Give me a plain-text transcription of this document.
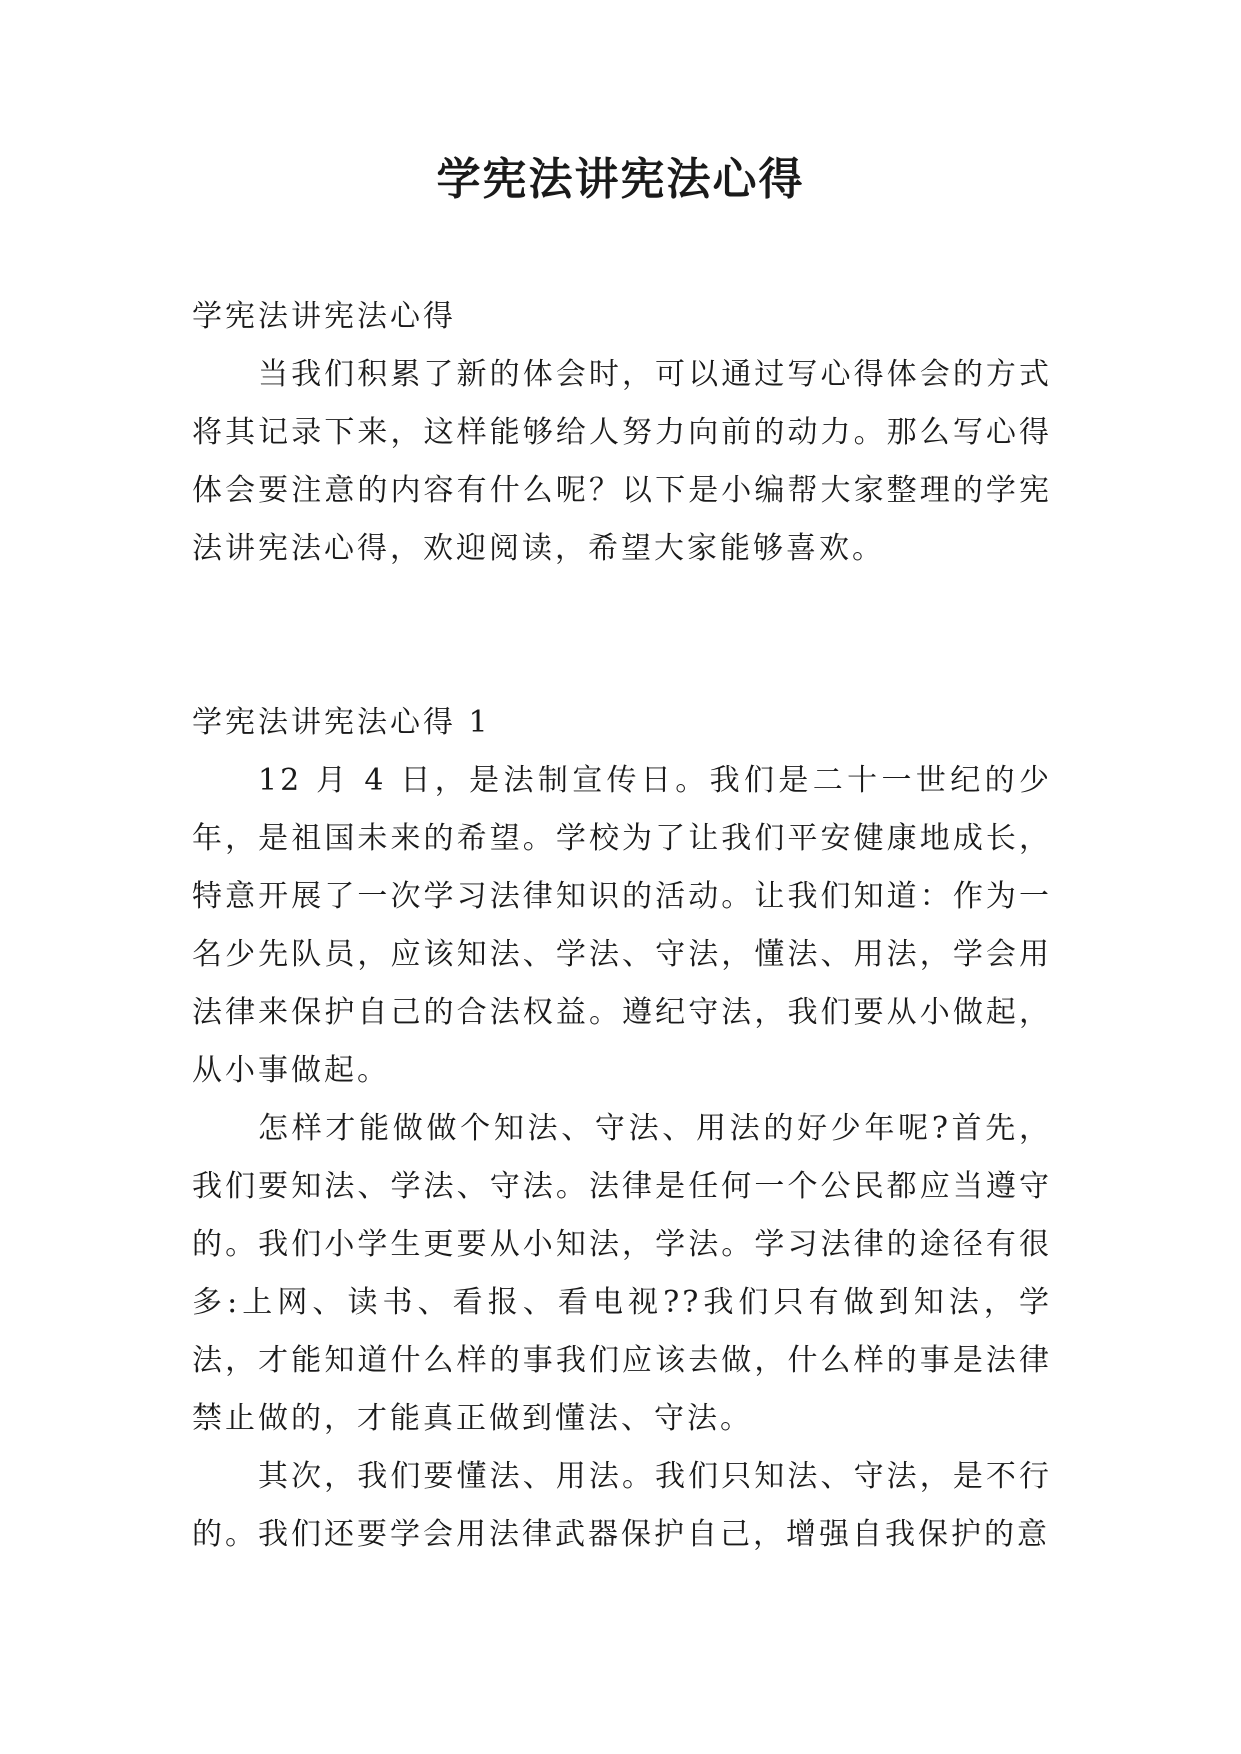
学宪法讲宪法心得

学宪法讲宪法心得

当我们积累了新的体会时，可以通过写心得体会的方式将其记录下来，这样能够给人努力向前的动力。那么写心得体会要注意的内容有什么呢？以下是小编帮大家整理的学宪法讲宪法心得，欢迎阅读，希望大家能够喜欢。

学宪法讲宪法心得 1

12 月 4 日，是法制宣传日。我们是二十一世纪的少年，是祖国未来的希望。学校为了让我们平安健康地成长，特意开展了一次学习法律知识的活动。让我们知道：作为一名少先队员，应该知法、学法、守法，懂法、用法，学会用法律来保护自己的合法权益。遵纪守法，我们要从小做起，从小事做起。

怎样才能做做个知法、守法、用法的好少年呢?首先，我们要知法、学法、守法。法律是任何一个公民都应当遵守的。我们小学生更要从小知法，学法。学习法律的途径有很多:上网、读书、看报、看电视??我们只有做到知法，学法，才能知道什么样的事我们应该去做，什么样的事是法律禁止做的，才能真正做到懂法、守法。

其次，我们要懂法、用法。我们只知法、守法，是不行的。我们还要学会用法律武器保护自己，增强自我保护的意
